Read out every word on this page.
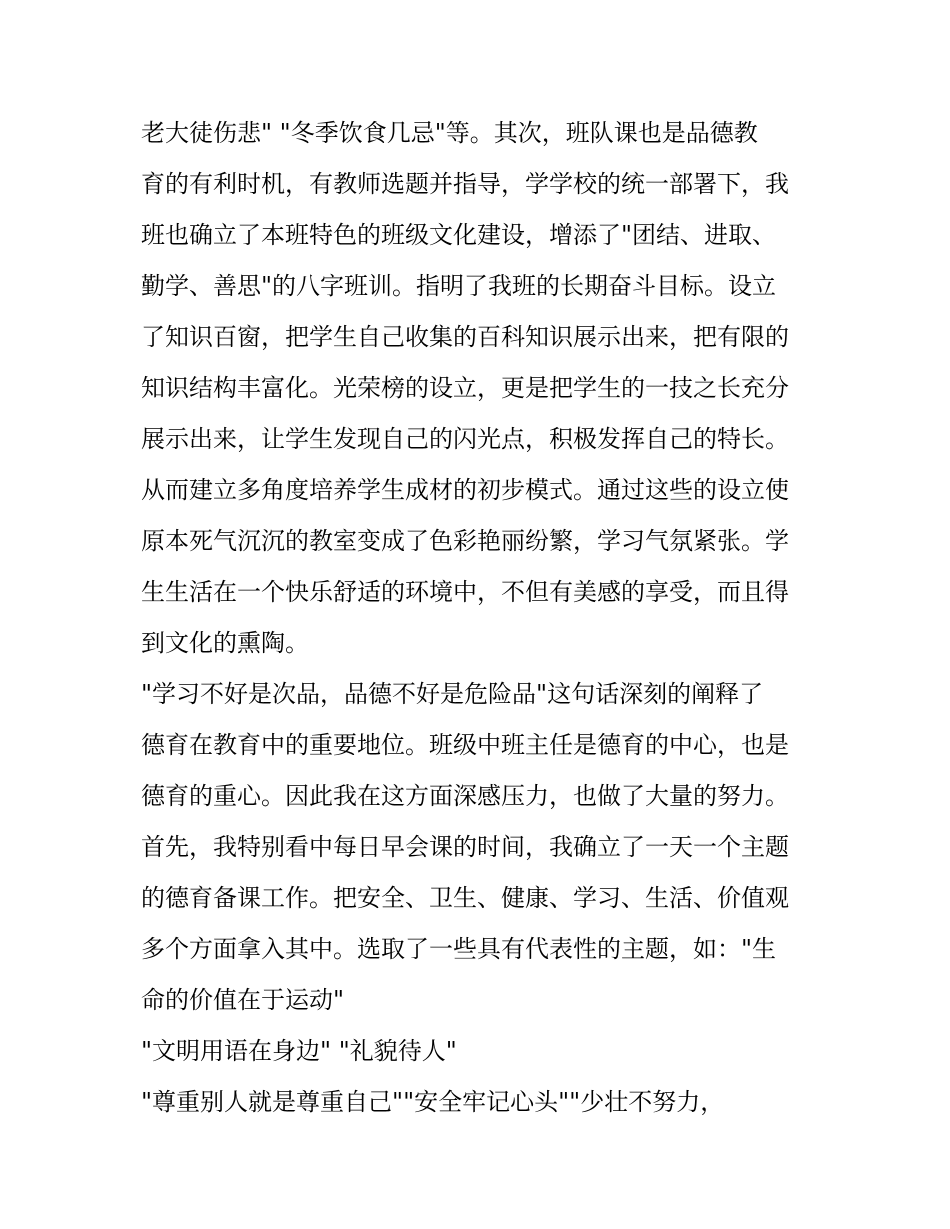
老大徒伤悲" "冬季饮食几忌"等。其次，班队课也是品德教
育的有利时机，有教师选题并指导，学学校的统一部署下，我
班也确立了本班特色的班级文化建设，增添了"团结、进取、
勤学、善思"的八字班训。指明了我班的长期奋斗目标。设立
了知识百窗，把学生自己收集的百科知识展示出来，把有限的
知识结构丰富化。光荣榜的设立，更是把学生的一技之长充分
展示出来，让学生发现自己的闪光点，积极发挥自己的特长。
从而建立多角度培养学生成材的初步模式。通过这些的设立使
原本死气沉沉的教室变成了色彩艳丽纷繁，学习气氛紧张。学
生生活在一个快乐舒适的环境中，不但有美感的享受，而且得
到文化的熏陶。
"学习不好是次品，品德不好是危险品"这句话深刻的阐释了
德育在教育中的重要地位。班级中班主任是德育的中心，也是
德育的重心。因此我在这方面深感压力，也做了大量的努力。
首先，我特别看中每日早会课的时间，我确立了一天一个主题
的德育备课工作。把安全、卫生、健康、学习、生活、价值观
多个方面拿入其中。选取了一些具有代表性的主题，如："生
命的价值在于运动"
"文明用语在身边" "礼貌待人"
"尊重别人就是尊重自己""安全牢记心头""少壮不努力，
